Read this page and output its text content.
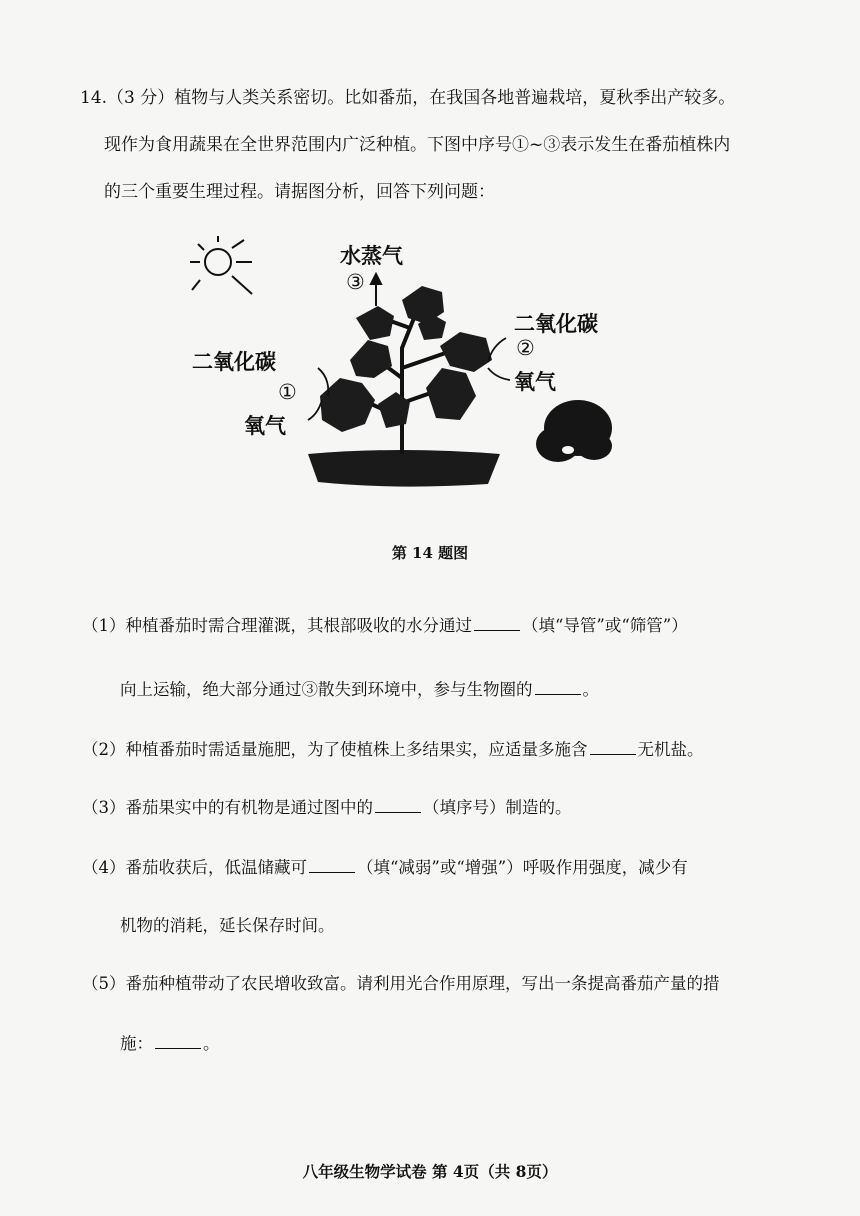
14.（3 分）植物与人类关系密切。比如番茄，在我国各地普遍栽培，夏秋季出产较多。

现作为食用蔬果在全世界范围内广泛种植。下图中序号①~③表示发生在番茄植株内

的三个重要生理过程。请据图分析，回答下列问题：

水蒸气
③
二氧化碳
①
氧气
二氧化碳
②
氧气
第 14 题图
（1）种植番茄时需合理灌溉，其根部吸收的水分通过	（填“导管”或“筛管”）
向上运输，绝大部分通过③散失到环境中，参与生物圈的	。
（2）种植番茄时需适量施肥，为了使植株上多结果实，应适量多施含	无机盐。
（3）番茄果实中的有机物是通过图中的	（填序号）制造的。
（4）番茄收获后，低温储藏可	（填“减弱”或“增强”）呼吸作用强度，减少有
机物的消耗，延长保存时间。
（5）番茄种植带动了农民增收致富。请利用光合作用原理，写出一条提高番茄产量的措
施：	。
八年级生物学试卷 第 4页（共 8页）
